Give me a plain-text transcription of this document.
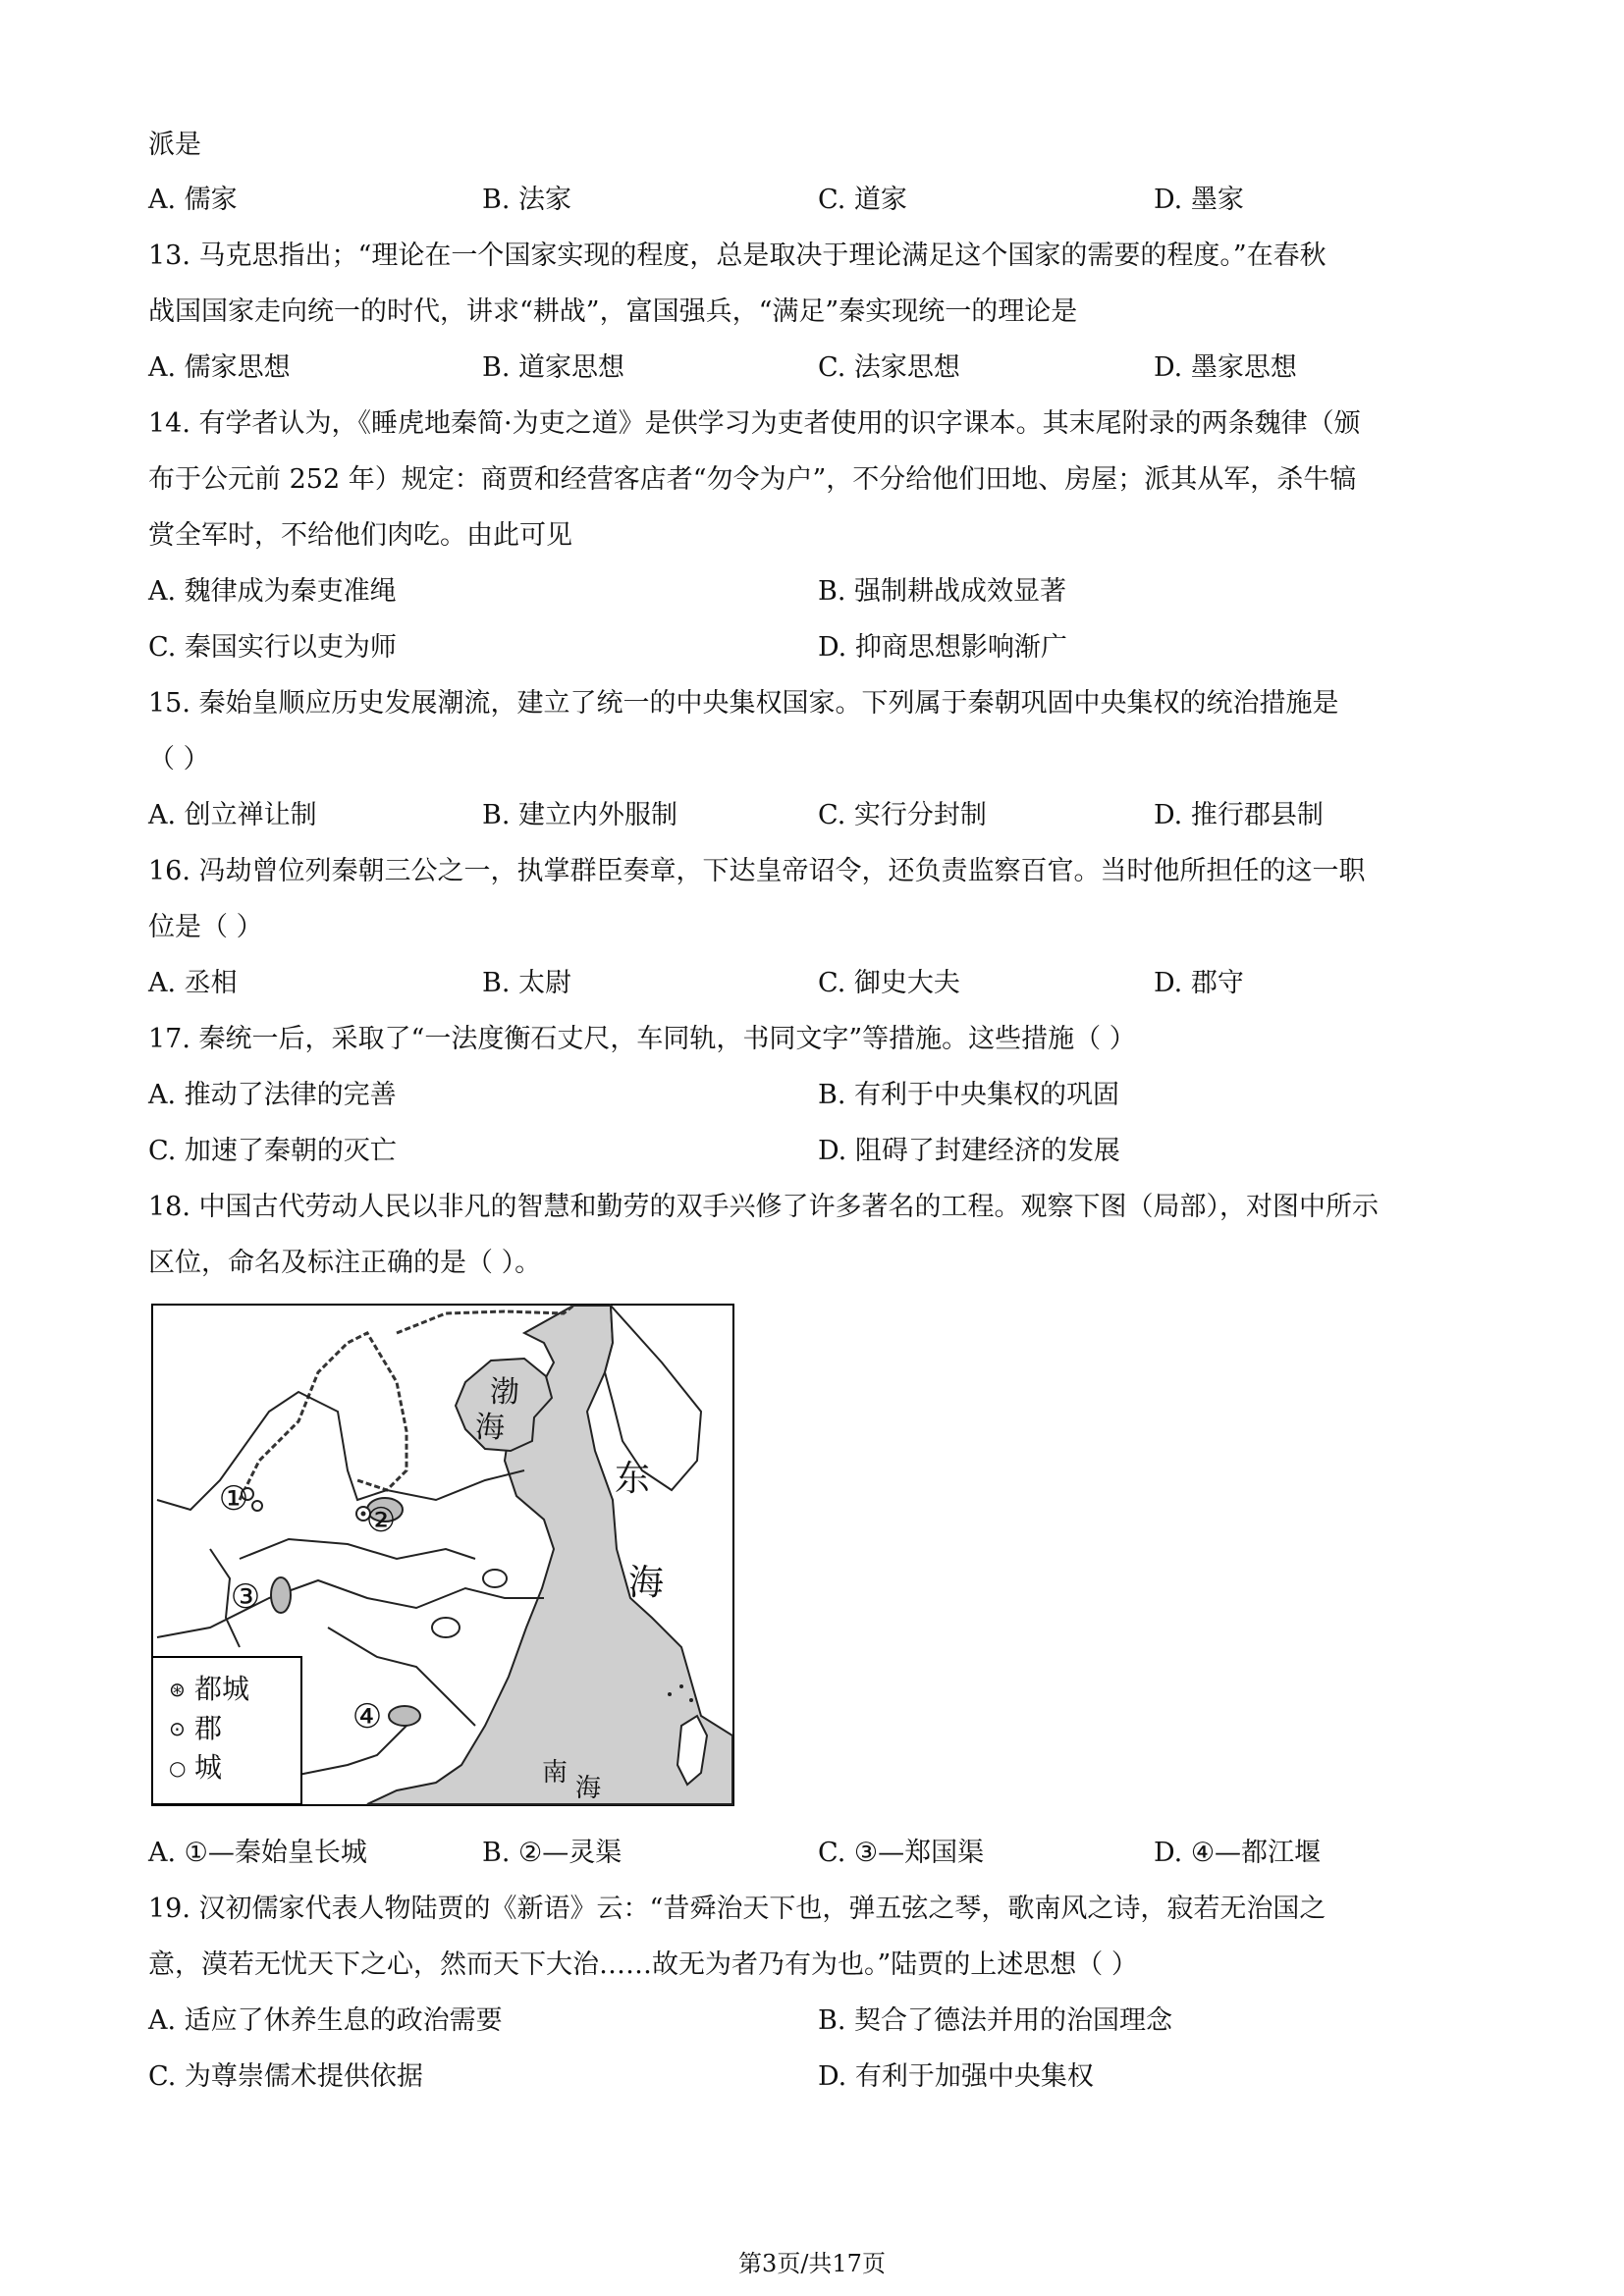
派是
A. 儒家	B. 法家	C. 道家	D. 墨家
13. 马克思指出；“理论在一个国家实现的程度，总是取决于理论满足这个国家的需要的程度。”在春秋
战国国家走向统一的时代，讲求“耕战”，富国强兵，“满足”秦实现统一的理论是
A. 儒家思想	B. 道家思想	C. 法家思想	D. 墨家思想
14. 有学者认为，《睡虎地秦简·为吏之道》是供学习为吏者使用的识字课本。其末尾附录的两条魏律（颁
布于公元前 252 年）规定：商贾和经营客店者“勿令为户”，不分给他们田地、房屋；派其从军，杀牛犒
赏全军时，不给他们肉吃。由此可见
A. 魏律成为秦吏准绳	B. 强制耕战成效显著
C. 秦国实行以吏为师	D. 抑商思想影响渐广
15. 秦始皇顺应历史发展潮流，建立了统一的中央集权国家。下列属于秦朝巩固中央集权的统治措施是
（ ）
A. 创立禅让制	B. 建立内外服制	C. 实行分封制	D. 推行郡县制
16. 冯劫曾位列秦朝三公之一，执掌群臣奏章，下达皇帝诏令，还负责监察百官。当时他所担任的这一职
位是（ ）
A. 丞相	B. 太尉	C. 御史大夫	D. 郡守
17. 秦统一后，采取了“一法度衡石丈尺，车同轨，书同文字”等措施。这些措施（ ）
A. 推动了法律的完善	B. 有利于中央集权的巩固
C. 加速了秦朝的灭亡	D. 阻碍了封建经济的发展
18. 中国古代劳动人民以非凡的智慧和勤劳的双手兴修了许多著名的工程。观察下图（局部），对图中所示
区位，命名及标注正确的是（ ）。
渤
海
东
海
南
海
①
②
③
④
⊛ 都城
⊙ 郡
○ 城
A. ①—秦始皇长城	B. ②—灵渠	C. ③—郑国渠	D. ④—都江堰
19. 汉初儒家代表人物陆贾的《新语》云：“昔舜治天下也，弹五弦之琴，歌南风之诗，寂若无治国之
意，漠若无忧天下之心，然而天下大治……故无为者乃有为也。”陆贾的上述思想（ ）
A. 适应了休养生息的政治需要	B. 契合了德法并用的治国理念
C. 为尊崇儒术提供依据	D. 有利于加强中央集权
第3页/共17页
